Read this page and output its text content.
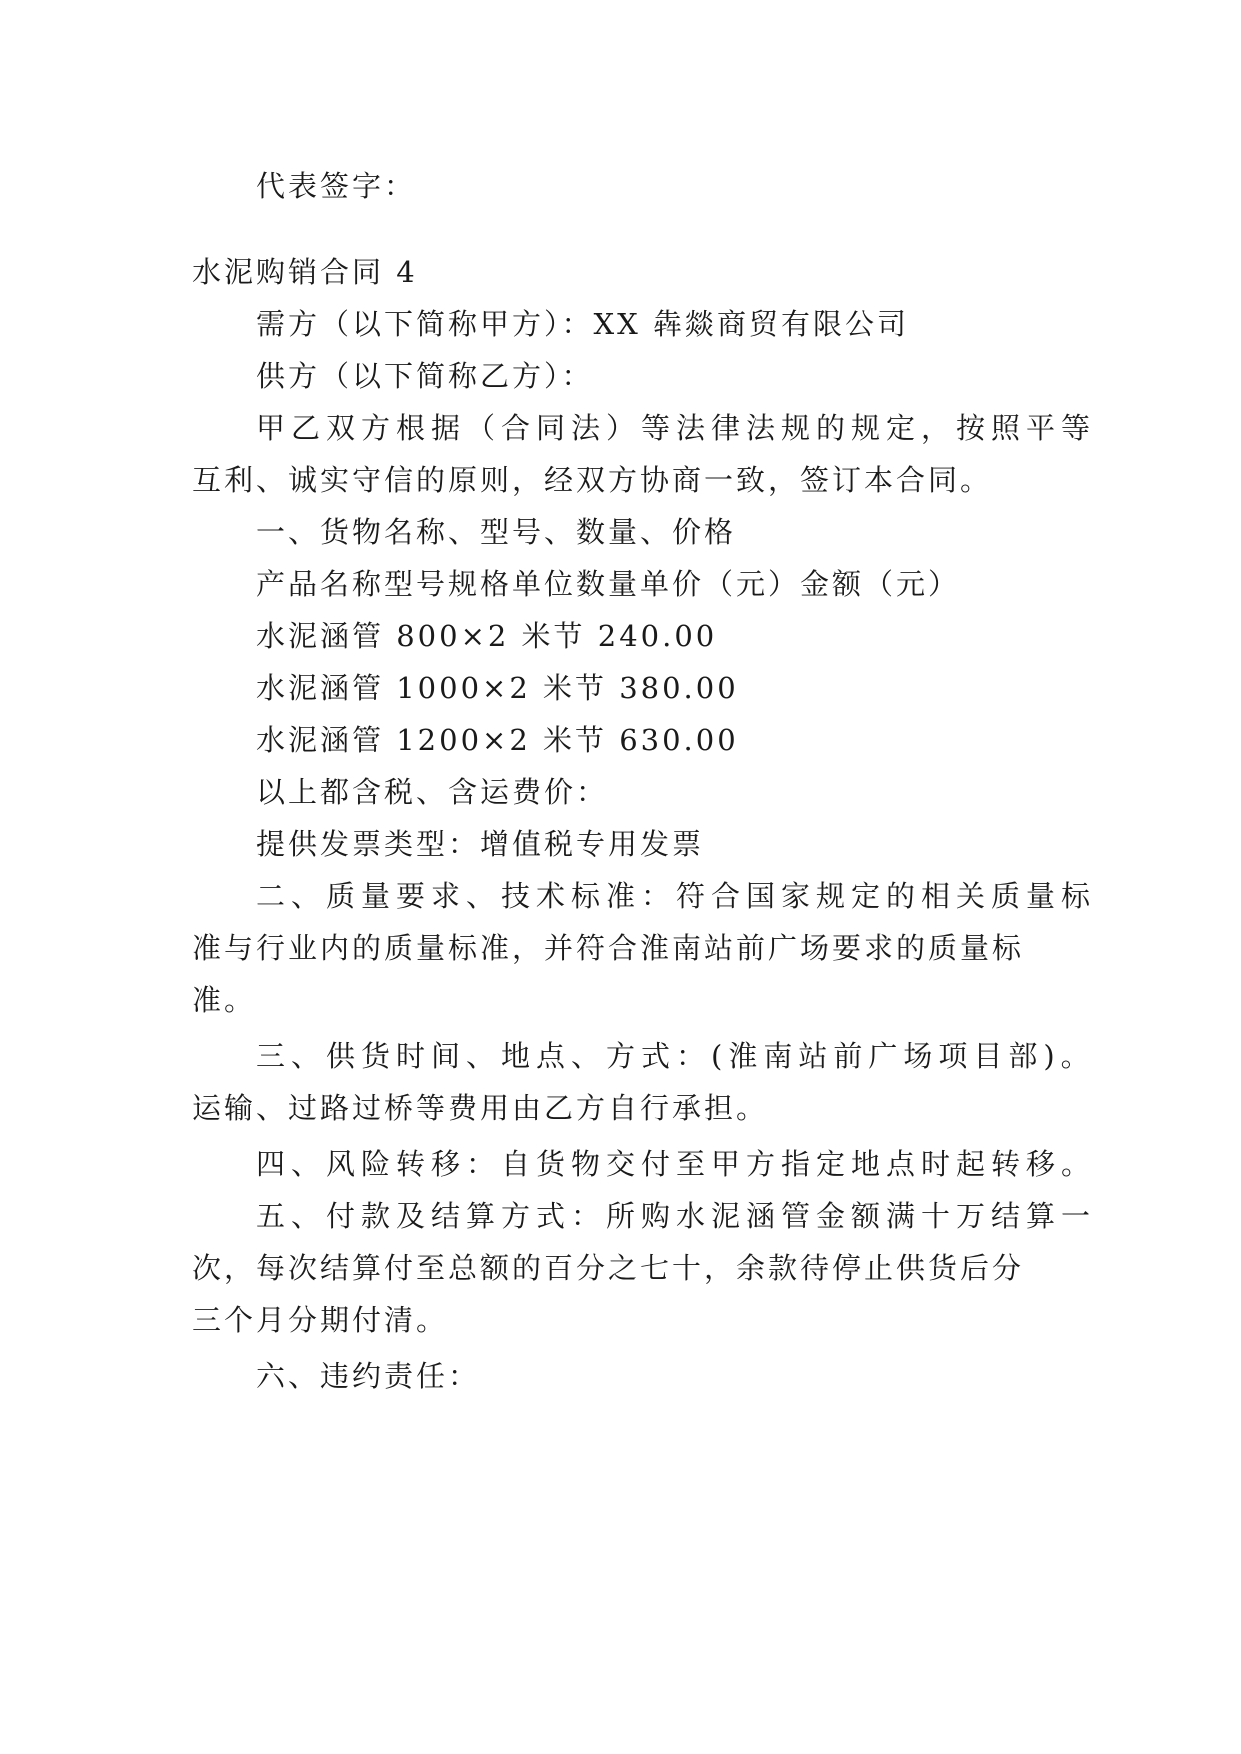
代表签字：
水泥购销合同 4
需方（以下简称甲方）：XX 犇燚商贸有限公司
供方（以下简称乙方）：
甲乙双方根据（合同法）等法律法规的规定，按照平等
互利、诚实守信的原则，经双方协商一致，签订本合同。
一、货物名称、型号、数量、价格
产品名称型号规格单位数量单价（元）金额（元）
水泥涵管 800×2 米节 240.00
水泥涵管 1000×2 米节 380.00
水泥涵管 1200×2 米节 630.00
以上都含税、含运费价：
提供发票类型：增值税专用发票
二、质量要求、技术标准：符合国家规定的相关质量标
准与行业内的质量标准，并符合淮南站前广场要求的质量标
准。
三、供货时间、地点、方式：(淮南站前广场项目部)。
运输、过路过桥等费用由乙方自行承担。
四、风险转移：自货物交付至甲方指定地点时起转移。
五、付款及结算方式：所购水泥涵管金额满十万结算一
次，每次结算付至总额的百分之七十，余款待停止供货后分
三个月分期付清。
六、违约责任：
